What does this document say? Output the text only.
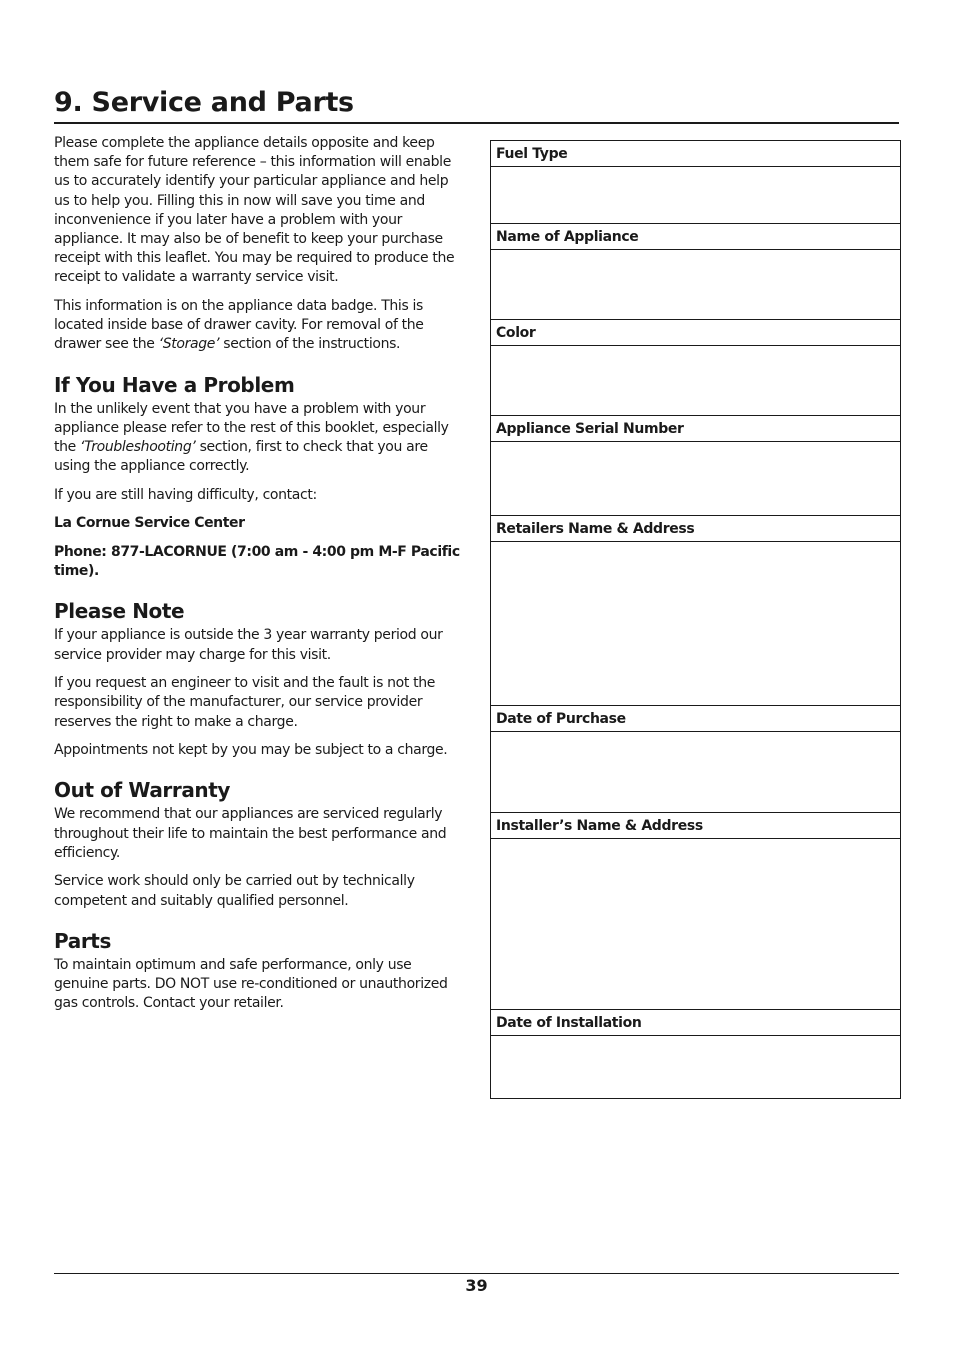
9. Service and Parts

Please complete the appliance details opposite and keep them safe for future reference – this information will enable us to accurately identify your particular appliance and help us to help you. Filling this in now will save you time and inconvenience if you later have a problem with your appliance. It may also be of benefit to keep your purchase receipt with this leaflet. You may be required to produce the receipt to validate a warranty service visit.

This information is on the appliance data badge. This is located inside base of drawer cavity. For removal of the drawer see the ‘Storage’ section of the instructions.

If You Have a Problem

In the unlikely event that you have a problem with your appliance please refer to the rest of this booklet, especially the ‘Troubleshooting’ section, first to check that you are using the appliance correctly.

If you are still having difficulty, contact:

La Cornue Service Center

Phone: 877-LACORNUE (7:00 am - 4:00 pm M-F Pacific time).

Please Note

If your appliance is outside the 3 year warranty period our service provider may charge for this visit.

If you request an engineer to visit and the fault is not the responsibility of the manufacturer, our service provider reserves the right to make a charge.

Appointments not kept by you may be subject to a charge.

Out of Warranty

We recommend that our appliances are serviced regularly throughout their life to maintain the best performance and efficiency.

Service work should only be carried out by technically competent and suitably qualified personnel.

Parts

To maintain optimum and safe performance, only use genuine parts. DO NOT use re-conditioned or unauthorized gas controls. Contact your retailer.

Fuel Type
Name of Appliance
Color
Appliance Serial Number
Retailers Name & Address
Date of Purchase
Installer’s Name & Address
Date of Installation
39
